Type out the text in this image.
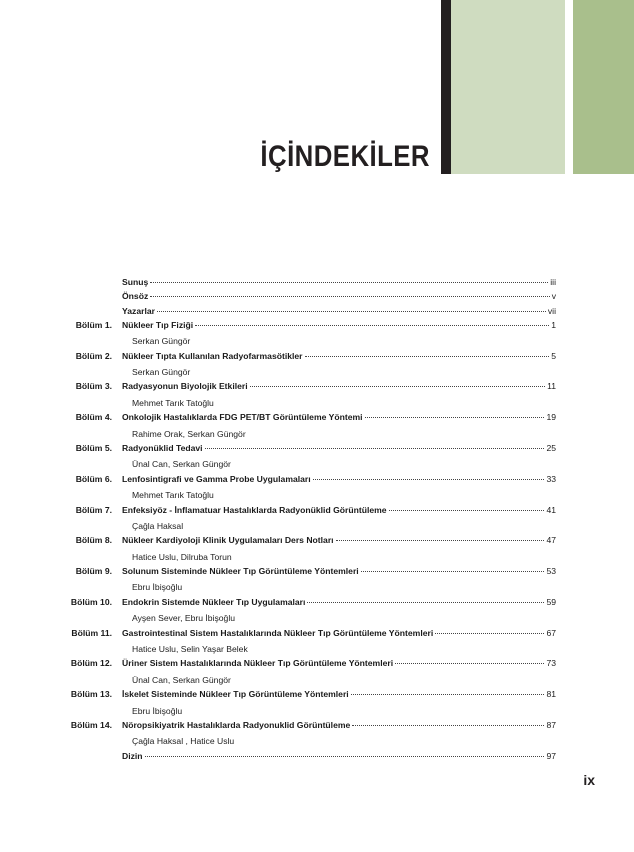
İÇİNDEKİLER
Sunuş	iii
Önsöz	v
Yazarlar	vii
Bölüm 1.	Nükleer Tıp Fiziği	1
Serkan Güngör
Bölüm 2.	Nükleer Tıpta Kullanılan Radyofarmasötikler	5
Serkan Güngör
Bölüm 3.	Radyasyonun Biyolojik Etkileri	11
Mehmet Tarık Tatoğlu
Bölüm 4.	Onkolojik Hastalıklarda FDG PET/BT Görüntüleme Yöntemi	19
Rahime Orak, Serkan Güngör
Bölüm 5.	Radyonüklid Tedavi	25
Ünal Can, Serkan Güngör
Bölüm 6.	Lenfosintigrafi ve Gamma Probe Uygulamaları	33
Mehmet Tarık Tatoğlu
Bölüm 7.	Enfeksiyöz - İnflamatuar Hastalıklarda Radyonüklid Görüntüleme	41
Çağla Haksal
Bölüm 8.	Nükleer Kardiyoloji Klinik Uygulamaları Ders Notları	47
Hatice Uslu, Dilruba Torun
Bölüm 9.	Solunum Sisteminde Nükleer Tıp Görüntüleme Yöntemleri	53
Ebru İbişoğlu
Bölüm 10.	Endokrin Sistemde Nükleer Tıp Uygulamaları	59
Ayşen Sever, Ebru İbişoğlu
Bölüm 11.	Gastrointestinal Sistem Hastalıklarında Nükleer Tıp Görüntüleme Yöntemleri	67
Hatice Uslu, Selin Yaşar Belek
Bölüm 12.	Üriner Sistem Hastalıklarında Nükleer Tıp Görüntüleme Yöntemleri	73
Ünal Can, Serkan Güngör
Bölüm 13.	İskelet Sisteminde Nükleer Tıp Görüntüleme Yöntemleri	81
Ebru İbişoğlu
Bölüm 14.	Nöropsikiyatrik Hastalıklarda Radyonuklid Görüntüleme	87
Çağla Haksal , Hatice Uslu
Dizin	97
ix
